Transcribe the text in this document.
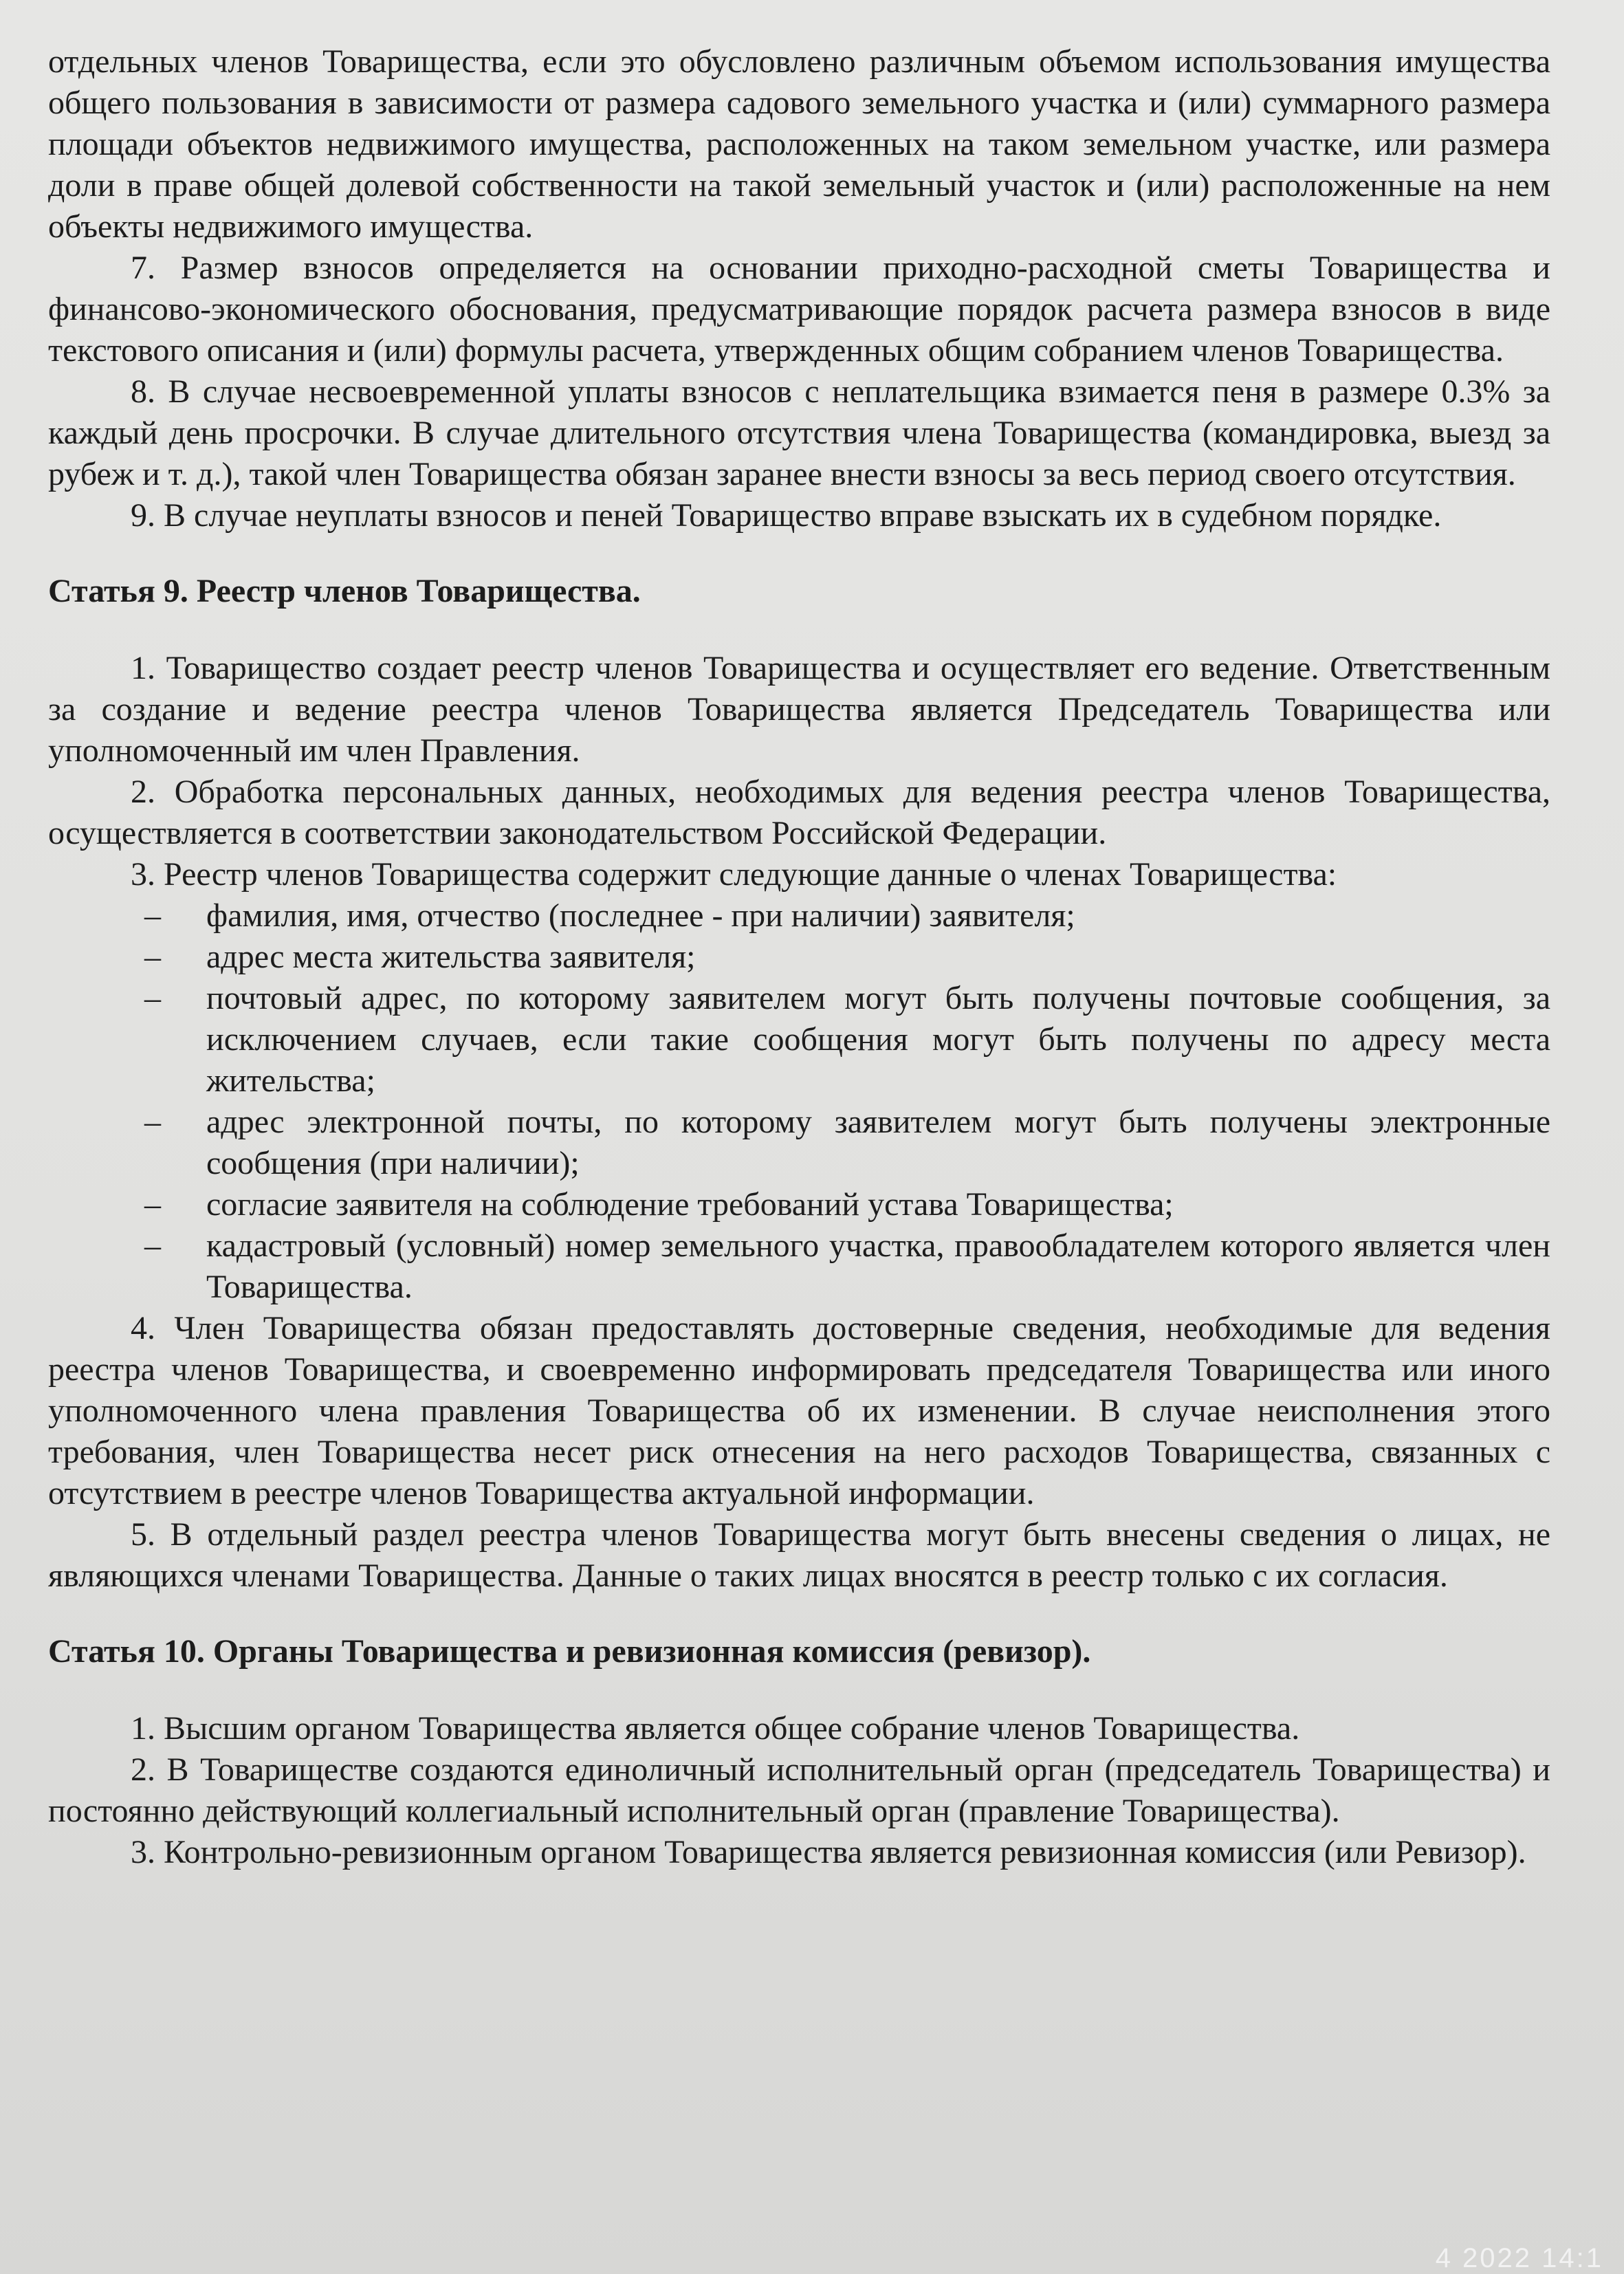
отдельных членов Товарищества, если это обусловлено различным объемом использования имущества общего пользования в зависимости от размера садового земельного участка и (или) суммарного размера площади объектов недвижимого имущества, расположенных на таком земельном участке, или размера доли в праве общей долевой собственности на такой земельный участок и (или) расположенные на нем объекты недвижимого имущества.

7. Размер взносов определяется на основании приходно-расходной сметы Товарищества и финансово-экономического обоснования, предусматривающие порядок расчета размера взносов в виде текстового описания и (или) формулы расчета, утвержденных общим собранием членов Товарищества.

8. В случае несвоевременной уплаты взносов с неплательщика взимается пеня в размере 0.3% за каждый день просрочки. В случае длительного отсутствия члена Товарищества (командировка, выезд за рубеж и т. д.), такой член Товарищества обязан заранее внести взносы за весь период своего отсутствия.

9. В случае неуплаты взносов и пеней Товарищество вправе взыскать их в судебном порядке.

Статья 9. Реестр членов Товарищества.

1. Товарищество создает реестр членов Товарищества и осуществляет его ведение. Ответственным за создание и ведение реестра членов Товарищества является Председатель Товарищества или уполномоченный им член Правления.

2. Обработка персональных данных, необходимых для ведения реестра членов Товарищества, осуществляется в соответствии законодательством Российской Федерации.

3. Реестр членов Товарищества содержит следующие данные о членах Товарищества:

– фамилия, имя, отчество (последнее - при наличии) заявителя;
– адрес места жительства заявителя;
– почтовый адрес, по которому заявителем могут быть получены почтовые сообщения, за исключением случаев, если такие сообщения могут быть получены по адресу места жительства;
– адрес электронной почты, по которому заявителем могут быть получены электронные сообщения (при наличии);
– согласие заявителя на соблюдение требований устава Товарищества;
– кадастровый (условный) номер земельного участка, правообладателем которого является член Товарищества.

4. Член Товарищества обязан предоставлять достоверные сведения, необходимые для ведения реестра членов Товарищества, и своевременно информировать председателя Товарищества или иного уполномоченного члена правления Товарищества об их изменении. В случае неисполнения этого требования, член Товарищества несет риск отнесения на него расходов Товарищества, связанных с отсутствием в реестре членов Товарищества актуальной информации.

5. В отдельный раздел реестра членов Товарищества могут быть внесены сведения о лицах, не являющихся членами Товарищества. Данные о таких лицах вносятся в реестр только с их согласия.

Статья 10. Органы Товарищества и ревизионная комиссия (ревизор).

1. Высшим органом Товарищества является общее собрание членов Товарищества.

2. В Товариществе создаются единоличный исполнительный орган (председатель Товарищества) и постоянно действующий коллегиальный исполнительный орган (правление Товарищества).

3. Контрольно-ревизионным органом Товарищества является ревизионная комиссия (или Ревизор).

4 2022 14:1
